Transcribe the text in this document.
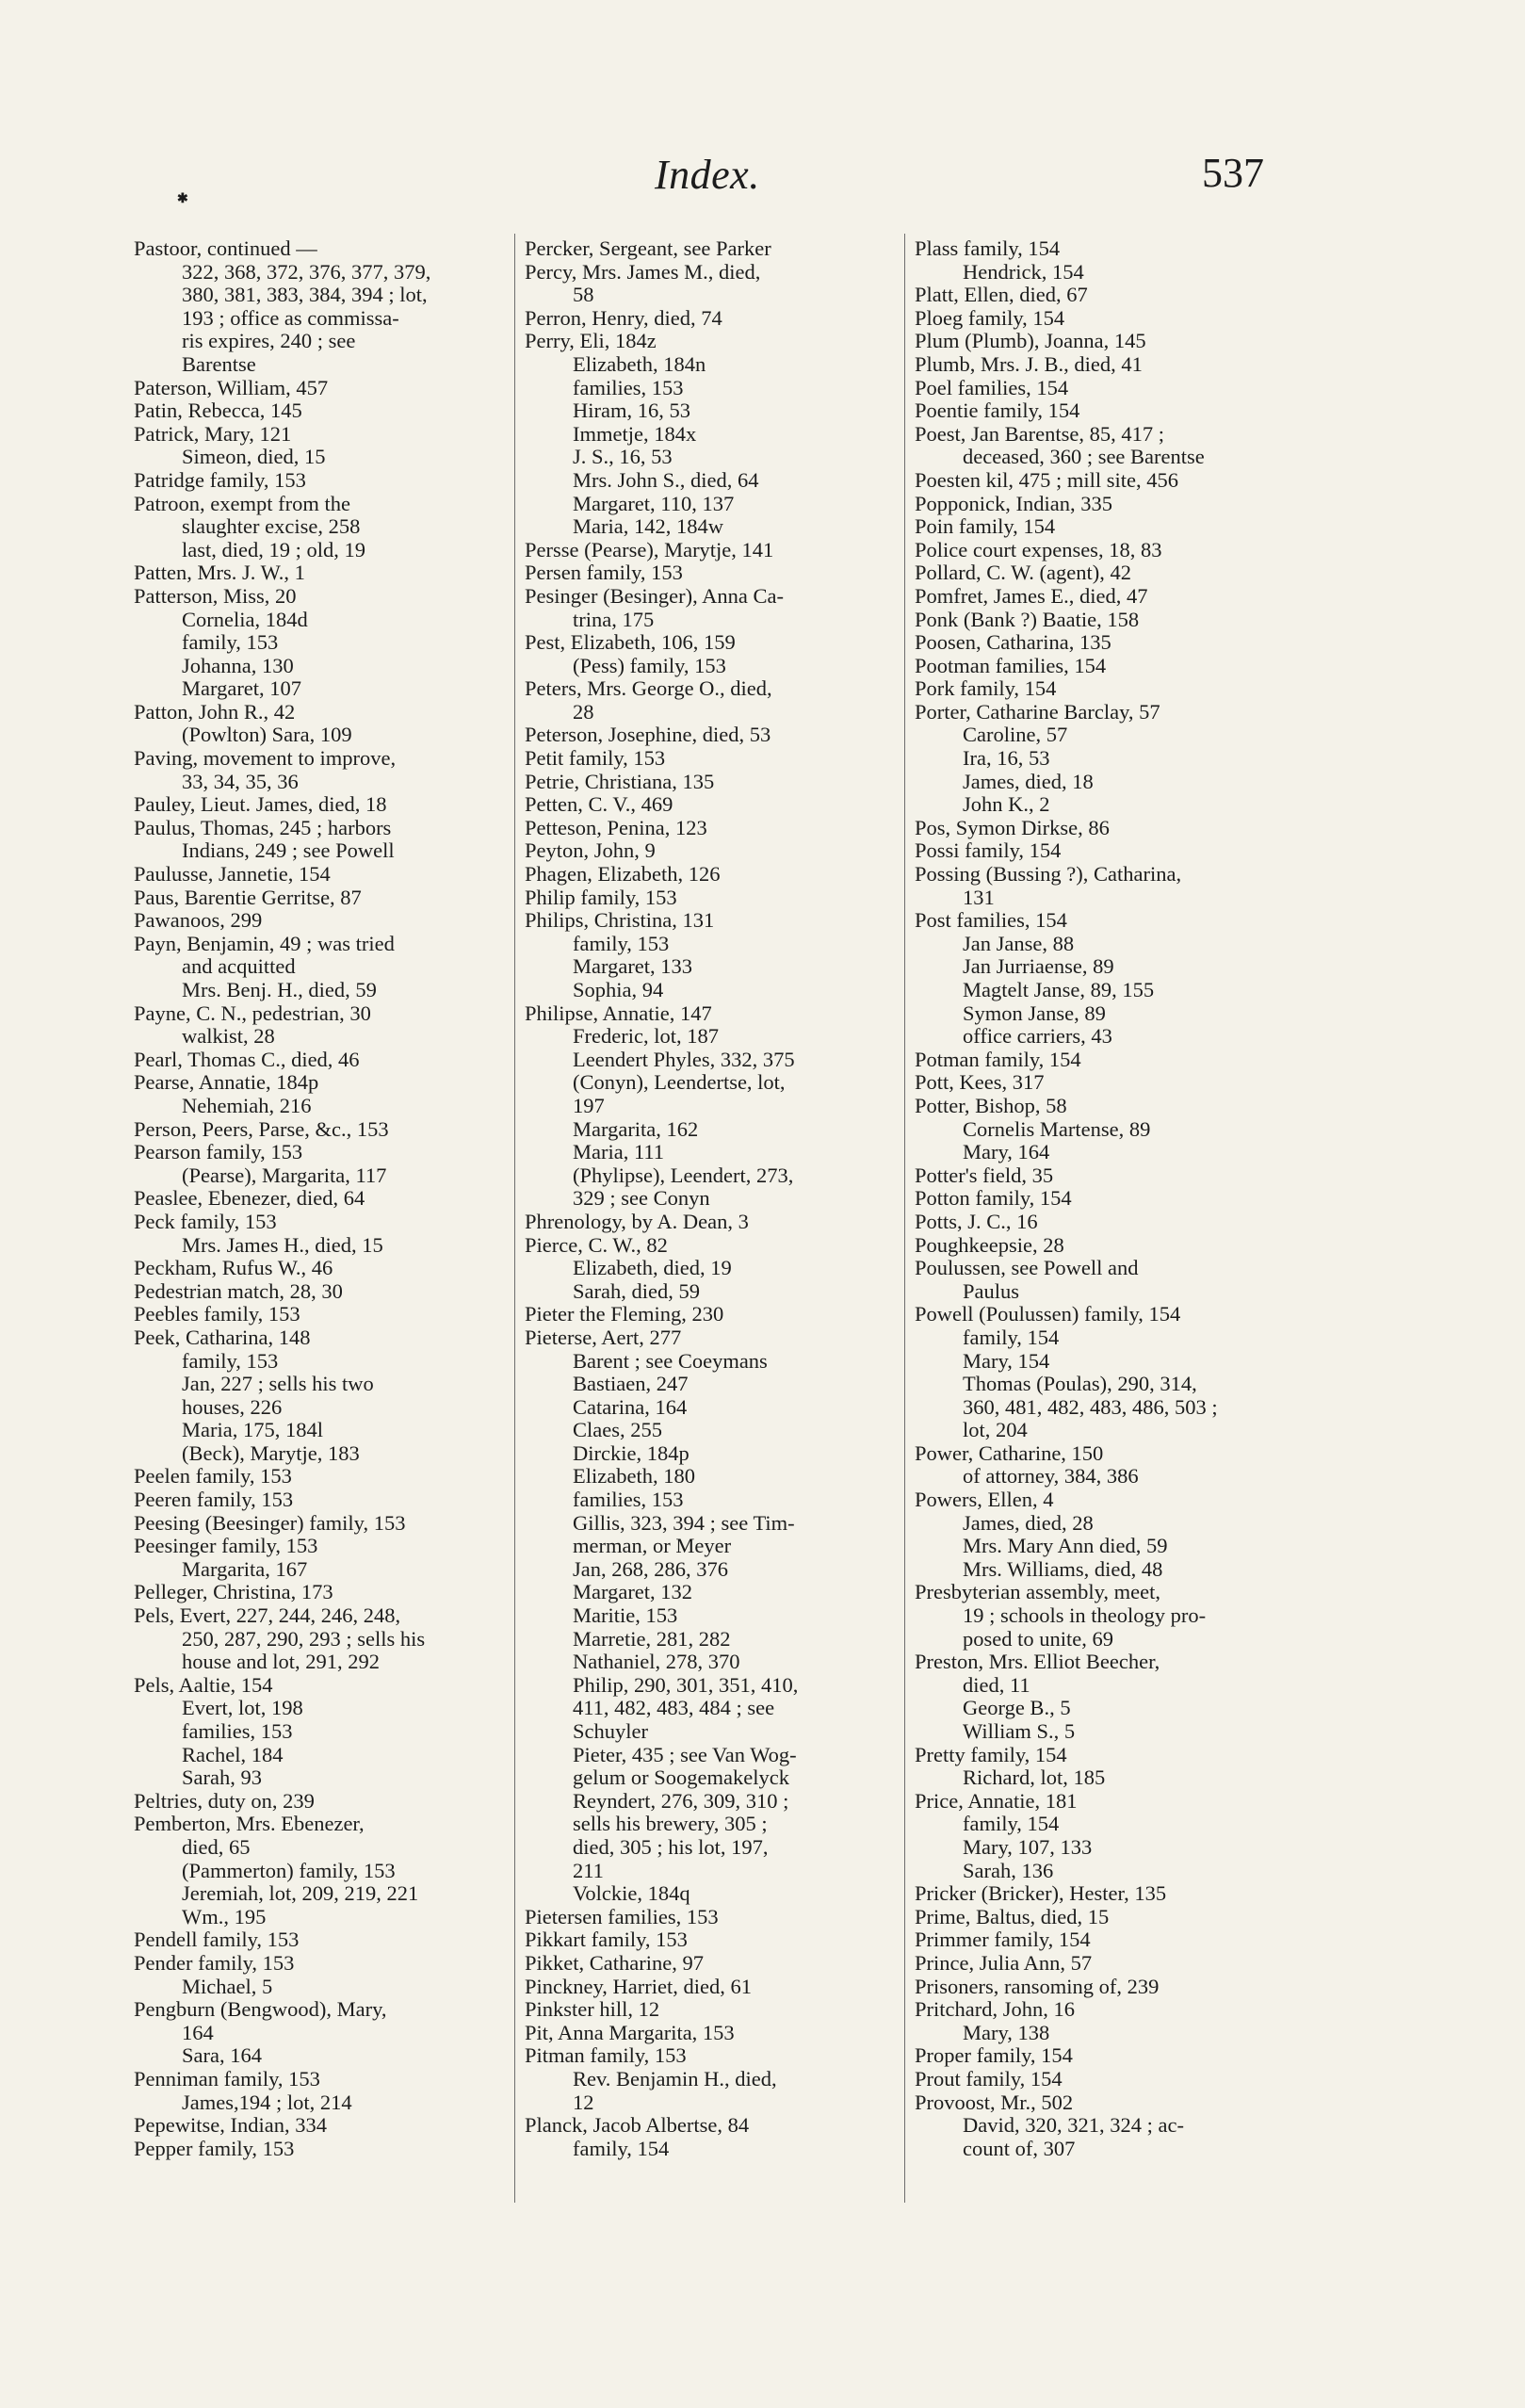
Index.	537
✱
Pastoor, continued —
322, 368, 372, 376, 377, 379,
380, 381, 383, 384, 394 ; lot,
193 ; office as commissa-
ris expires, 240 ; see
Barentse
Paterson, William, 457
Patin, Rebecca, 145
Patrick, Mary, 121
Simeon, died, 15
Patridge family, 153
Patroon, exempt from the
slaughter excise, 258
last, died, 19 ; old, 19
Patten, Mrs. J. W., 1
Patterson, Miss, 20
Cornelia, 184d
family, 153
Johanna, 130
Margaret, 107
Patton, John R., 42
(Powlton) Sara, 109
Paving, movement to improve,
33, 34, 35, 36
Pauley, Lieut. James, died, 18
Paulus, Thomas, 245 ; harbors
Indians, 249 ; see Powell
Paulusse, Jannetie, 154
Paus, Barentie Gerritse, 87
Pawanoos, 299
Payn, Benjamin, 49 ; was tried
and acquitted
Mrs. Benj. H., died, 59
Payne, C. N., pedestrian, 30
walkist, 28
Pearl, Thomas C., died, 46
Pearse, Annatie, 184p
Nehemiah, 216
Person, Peers, Parse, &c., 153
Pearson family, 153
(Pearse), Margarita, 117
Peaslee, Ebenezer, died, 64
Peck family, 153
Mrs. James H., died, 15
Peckham, Rufus W., 46
Pedestrian match, 28, 30
Peebles family, 153
Peek, Catharina, 148
family, 153
Jan, 227 ; sells his two
houses, 226
Maria, 175, 184l
(Beck), Marytje, 183
Peelen family, 153
Peeren family, 153
Peesing (Beesinger) family, 153
Peesinger family, 153
Margarita, 167
Pelleger, Christina, 173
Pels, Evert, 227, 244, 246, 248,
250, 287, 290, 293 ; sells his
house and lot, 291, 292
Pels, Aaltie, 154
Evert, lot, 198
families, 153
Rachel, 184
Sarah, 93
Peltries, duty on, 239
Pemberton, Mrs. Ebenezer,
died, 65
(Pammerton) family, 153
Jeremiah, lot, 209, 219, 221
Wm., 195
Pendell family, 153
Pender family, 153
Michael, 5
Pengburn (Bengwood), Mary,
164
Sara, 164
Penniman family, 153
James,194 ; lot, 214
Pepewitse, Indian, 334
Pepper family, 153
Percker, Sergeant, see Parker
Percy, Mrs. James M., died,
58
Perron, Henry, died, 74
Perry, Eli, 184z
Elizabeth, 184n
families, 153
Hiram, 16, 53
Immetje, 184x
J. S., 16, 53
Mrs. John S., died, 64
Margaret, 110, 137
Maria, 142, 184w
Persse (Pearse), Marytje, 141
Persen family, 153
Pesinger (Besinger), Anna Ca-
trina, 175
Pest, Elizabeth, 106, 159
(Pess) family, 153
Peters, Mrs. George O., died,
28
Peterson, Josephine, died, 53
Petit family, 153
Petrie, Christiana, 135
Petten, C. V., 469
Petteson, Penina, 123
Peyton, John, 9
Phagen, Elizabeth, 126
Philip family, 153
Philips, Christina, 131
family, 153
Margaret, 133
Sophia, 94
Philipse, Annatie, 147
Frederic, lot, 187
Leendert Phyles, 332, 375
(Conyn), Leendertse, lot,
197
Margarita, 162
Maria, 111
(Phylipse), Leendert, 273,
329 ; see Conyn
Phrenology, by A. Dean, 3
Pierce, C. W., 82
Elizabeth, died, 19
Sarah, died, 59
Pieter the Fleming, 230
Pieterse, Aert, 277
Barent ; see Coeymans
Bastiaen, 247
Catarina, 164
Claes, 255
Dirckie, 184p
Elizabeth, 180
families, 153
Gillis, 323, 394 ; see Tim-
merman, or Meyer
Jan, 268, 286, 376
Margaret, 132
Maritie, 153
Marretie, 281, 282
Nathaniel, 278, 370
Philip, 290, 301, 351, 410,
411, 482, 483, 484 ; see
Schuyler
Pieter, 435 ; see Van Wog-
gelum or Soogemakelyck
Reyndert, 276, 309, 310 ;
sells his brewery, 305 ;
died, 305 ; his lot, 197,
211
Volckie, 184q
Pietersen families, 153
Pikkart family, 153
Pikket, Catharine, 97
Pinckney, Harriet, died, 61
Pinkster hill, 12
Pit, Anna Margarita, 153
Pitman family, 153
Rev. Benjamin H., died,
12
Planck, Jacob Albertse, 84
family, 154
Plass family, 154
Hendrick, 154
Platt, Ellen, died, 67
Ploeg family, 154
Plum (Plumb), Joanna, 145
Plumb, Mrs. J. B., died, 41
Poel families, 154
Poentie family, 154
Poest, Jan Barentse, 85, 417 ;
deceased, 360 ; see Barentse
Poesten kil, 475 ; mill site, 456
Popponick, Indian, 335
Poin family, 154
Police court expenses, 18, 83
Pollard, C. W. (agent), 42
Pomfret, James E., died, 47
Ponk (Bank ?) Baatie, 158
Poosen, Catharina, 135
Pootman families, 154
Pork family, 154
Porter, Catharine Barclay, 57
Caroline, 57
Ira, 16, 53
James, died, 18
John K., 2
Pos, Symon Dirkse, 86
Possi family, 154
Possing (Bussing ?), Catharina,
131
Post families, 154
Jan Janse, 88
Jan Jurriaense, 89
Magtelt Janse, 89, 155
Symon Janse, 89
office carriers, 43
Potman family, 154
Pott, Kees, 317
Potter, Bishop, 58
Cornelis Martense, 89
Mary, 164
Potter's field, 35
Potton family, 154
Potts, J. C., 16
Poughkeepsie, 28
Poulussen, see Powell and
Paulus
Powell (Poulussen) family, 154
family, 154
Mary, 154
Thomas (Poulas), 290, 314,
360, 481, 482, 483, 486, 503 ;
lot, 204
Power, Catharine, 150
of attorney, 384, 386
Powers, Ellen, 4
James, died, 28
Mrs. Mary Ann died, 59
Mrs. Williams, died, 48
Presbyterian assembly, meet,
19 ; schools in theology pro-
posed to unite, 69
Preston, Mrs. Elliot Beecher,
died, 11
George B., 5
William S., 5
Pretty family, 154
Richard, lot, 185
Price, Annatie, 181
family, 154
Mary, 107, 133
Sarah, 136
Pricker (Bricker), Hester, 135
Prime, Baltus, died, 15
Primmer family, 154
Prince, Julia Ann, 57
Prisoners, ransoming of, 239
Pritchard, John, 16
Mary, 138
Proper family, 154
Prout family, 154
Provoost, Mr., 502
David, 320, 321, 324 ; ac-
count of, 307
